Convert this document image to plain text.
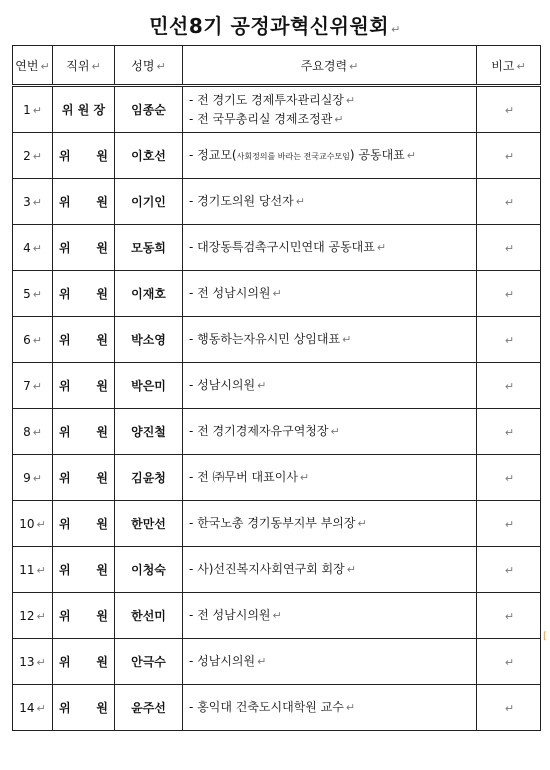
민선8기 공정과혁신위원회 ↵
연번 ↵	직위 ↵	성명 ↵	주요경력 ↵	비고 ↵
1 ↵	위 원 장	임종순	- 전 경기도 경제투자관리실장 ↵
- 전 국무총리실 경제조정관 ↵	↵
2 ↵	위 원	이호선	- 정교모(사회정의를 바라는 전국교수모임) 공동대표 ↵	↵
3 ↵	위 원	이기인	- 경기도의원 당선자 ↵	↵
4 ↵	위 원	모동희	- 대장동특검촉구시민연대 공동대표 ↵	↵
5 ↵	위 원	이재호	- 전 성남시의원 ↵	↵
6 ↵	위 원	박소영	- 행동하는자유시민 상임대표 ↵	↵
7 ↵	위 원	박은미	- 성남시의원 ↵	↵
8 ↵	위 원	양진철	- 전 경기경제자유구역청장 ↵	↵
9 ↵	위 원	김윤청	- 전 ㈜무버 대표이사 ↵	↵
10 ↵	위 원	한만선	- 한국노총 경기동부지부 부의장 ↵	↵
11 ↵	위 원	이청숙	- 사)선진복지사회연구회 회장 ↵	↵
12 ↵	위 원	한선미	- 전 성남시의원 ↵	↵
13 ↵	위 원	안극수	- 성남시의원 ↵	↵
14 ↵	위 원	윤주선	- 홍익대 건축도시대학원 교수 ↵	↵
[
